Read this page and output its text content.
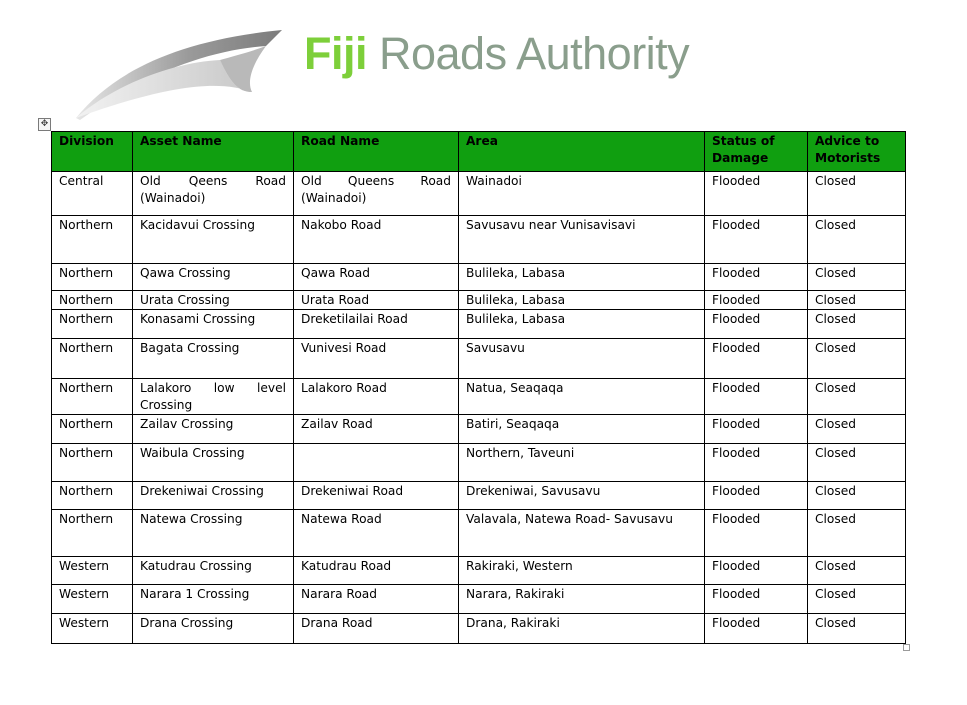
Fiji Roads Authority
✥
Division	Asset Name	Road Name	Area	Status of Damage	Advice to Motorists
Central	Old Qeens Road (Wainadoi)	Old Queens Road (Wainadoi)	Wainadoi	Flooded	Closed
Northern	Kacidavui Crossing	Nakobo Road	Savusavu near Vunisavisavi	Flooded	Closed
Northern	Qawa Crossing	Qawa Road	Bulileka, Labasa	Flooded	Closed
Northern	Urata Crossing	Urata Road	Bulileka, Labasa	Flooded	Closed
Northern	Konasami Crossing	Dreketilailai Road	Bulileka, Labasa	Flooded	Closed
Northern	Bagata Crossing	Vunivesi Road	Savusavu	Flooded	Closed
Northern	Lalakoro low level Crossing	Lalakoro Road	Natua, Seaqaqa	Flooded	Closed
Northern	Zailav Crossing	Zailav Road	Batiri, Seaqaqa	Flooded	Closed
Northern	Waibula Crossing		Northern, Taveuni	Flooded	Closed
Northern	Drekeniwai Crossing	Drekeniwai Road	Drekeniwai, Savusavu	Flooded	Closed
Northern	Natewa Crossing	Natewa Road	Valavala, Natewa Road- Savusavu	Flooded	Closed
Western	Katudrau Crossing	Katudrau Road	Rakiraki, Western	Flooded	Closed
Western	Narara 1 Crossing	Narara Road	Narara, Rakiraki	Flooded	Closed
Western	Drana Crossing	Drana Road	Drana, Rakiraki	Flooded	Closed
